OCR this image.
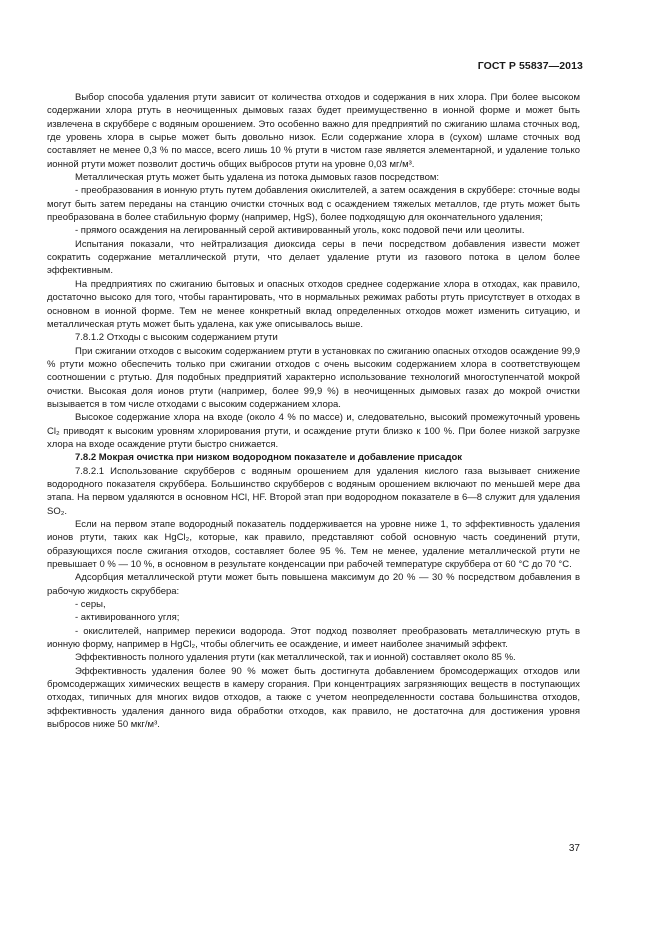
ГОСТ Р 55837—2013

Выбор способа удаления ртути зависит от количества отходов и содержания в них хлора. При более высоком содержании хлора ртуть в неочищенных дымовых газах будет преимущественно в ионной форме и может быть извлечена в скруббере с водяным орошением. Это особенно важно для предприятий по сжиганию шлама сточных вод, где уровень хлора в сырье может быть довольно низок. Если содержание хлора в (сухом) шламе сточных вод составляет не менее 0,3 % по массе, всего лишь 10 % ртути в чистом газе является элементарной, и удаление только ионной ртути может позволит достичь общих выбросов ртути на уровне 0,03 мг/м³.

Металлическая ртуть может быть удалена из потока дымовых газов посредством:

- преобразования в ионную ртуть путем добавления окислителей, а затем осаждения в скруббере: сточные воды могут быть затем переданы на станцию очистки сточных вод с осаждением тяжелых металлов, где ртуть может быть преобразована в более стабильную форму (например, HgS), более подходящую для окончательного удаления;

- прямого осаждения на легированный серой активированный уголь, кокс подовой печи или цеолиты.

Испытания показали, что нейтрализация диоксида серы в печи посредством добавления извести может сократить содержание металлической ртути, что делает удаление ртути из газового потока в целом более эффективным.

На предприятиях по сжиганию бытовых и опасных отходов среднее содержание хлора в отходах, как правило, достаточно высоко для того, чтобы гарантировать, что в нормальных режимах работы ртуть присутствует в отходах в основном в ионной форме. Тем не менее конкретный вклад определенных отходов может изменить ситуацию, и металлическая ртуть может быть удалена, как уже описывалось выше.

7.8.1.2 Отходы с высоким содержанием ртути

При сжигании отходов с высоким содержанием ртути в установках по сжиганию опасных отходов осаждение 99,9 % ртути можно обеспечить только при сжигании отходов с очень высоким содержанием хлора в соответствующем соотношении с ртутью. Для подобных предприятий характерно использование технологий многоступенчатой мокрой очистки. Высокая доля ионов ртути (например, более 99,9 %) в неочищенных дымовых газах до мокрой очистки вызывается в том числе отходами с высоким содержанием хлора.

Высокое содержание хлора на входе (около 4 % по массе) и, следовательно, высокий промежуточный уровень Cl₂ приводят к высоким уровням хлорирования ртути, и осаждение ртути близко к 100 %. При более низкой загрузке хлора на входе осаждение ртути быстро снижается.

7.8.2 Мокрая очистка при низком водородном показателе и добавление присадок

7.8.2.1 Использование скрубберов с водяным орошением для удаления кислого газа вызывает снижение водородного показателя скруббера. Большинство скрубберов с водяным орошением включают по меньшей мере два этапа. На первом удаляются в основном HCl, HF. Второй этап при водородном показателе в 6—8 служит для удаления SO₂.

Если на первом этапе водородный показатель поддерживается на уровне ниже 1, то эффективность удаления ионов ртути, таких как HgCl₂, которые, как правило, представляют собой основную часть соединений ртути, образующихся после сжигания отходов, составляет более 95 %. Тем не менее, удаление металлической ртути не превышает 0 % — 10 %, в основном в результате конденсации при рабочей температуре скруббера от 60 °С до 70 °С.

Адсорбция металлической ртути может быть повышена максимум до 20 % — 30 % посредством добавления в рабочую жидкость скруббера:

- серы,

- активированного угля;

- окислителей, например перекиси водорода. Этот подход позволяет преобразовать металлическую ртуть в ионную форму, например в HgCl₂, чтобы облегчить ее осаждение, и имеет наиболее значимый эффект.

Эффективность полного удаления ртути (как металлической, так и ионной) составляет около 85 %.

Эффективность удаления более 90 % может быть достигнута добавлением бромсодержащих отходов или бромсодержащих химических веществ в камеру сгорания. При концентрациях загрязняющих веществ в поступающих отходах, типичных для многих видов отходов, а также с учетом неопределенности состава большинства отходов, эффективность удаления данного вида обработки отходов, как правило, не достаточна для достижения уровня выбросов ниже 50 мкг/м³.

37
